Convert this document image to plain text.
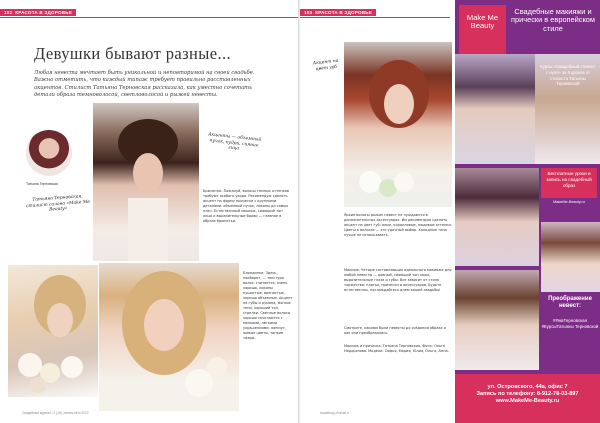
102 КРАСОТА В ЗДОРОВЬЕ
Девушки бывают разные...
Любая невеста мечтает быть уникальной и неповторимой на своей свадьбе. Важно отметить, что каждый типаж требует правильно расставленных акцентов. Стилист Татьяна Терновская рассказала, как уместно сочетать детали образа темноволосой, светловолосой и рыжей невесты.
Татьяна Терновская
Татьяна Терновская, стилист салона «Make Me Beauty»
Акценты — объемный пучок, кудри, сияние лица
Брюнетки. Пожалуй, волосы темных оттенков требуют особого ухода. Рекомендую сделать акцент на форму прически с крупными деталями: объемный пучок, локоны до самых плеч. Естественный макияж, сияющий тон лица и выразительные брови — главное в образе брюнетки.
Блондинки. Здесь, наоборот, — текстура волос: считается, очень хорошо, локоны пушистые, волнистые, хорошо объемные. Акцент на губы и румяна, мягкие тени, хороший тон, стрелки. Светлые волосы хорошо сочетаются с мелкими, легкими украшениями: жемчуг, живые цветы, тонкие тиары.
Свадебный журнал | 2 (18) | весна-лето 2022
103 КРАСОТА В ЗДОРОВЬЕ
Акцент на цвет губ
Яркие волосы рыжих невест не нуждаются в дополнительных аксессуарах. Им рекомендую сделать акцент на цвет губ: алые, коралловые, нюдовые оттенки. Цветы в волосах — это удачный выбор. Холодные тона лучше не использовать.
Макияж. Четыре составляющих идеального макияжа для любой невесты — ровный, сияющий тон кожи, выразительные глаза и губы. Все зависит от стиля торжества: платья, прически и аксессуаров. Будьте естественны, наслаждайтесь днем вашей свадьбы!
Смотрите, какими были невесты до создания образа и как они преобразились.
Макияж и прическа: Татьяна Терновская. Фото: Ольга Недорезова. Модели: Софья, Мария, Юлия, Ольга, Анна.
svadebnyj-zhurnal.rf
Свадебные макияжи и прически в европейском стиле
Курсы «Свадебный стилист с нуля» за 6 уроков от стилиста Татьяны Терновской
Бесплатные уроки и запись на свадебный образ
MakeMe-Beauty.ru
Преображение невест:
#ЯнаТерновская #КурсыТатьяны Терновской
ул. Островского, 44а, офис 7
Запись по телефону: 8-912-78-03-897
www.MakeMe-Beauty.ru
Make Me Beauty
